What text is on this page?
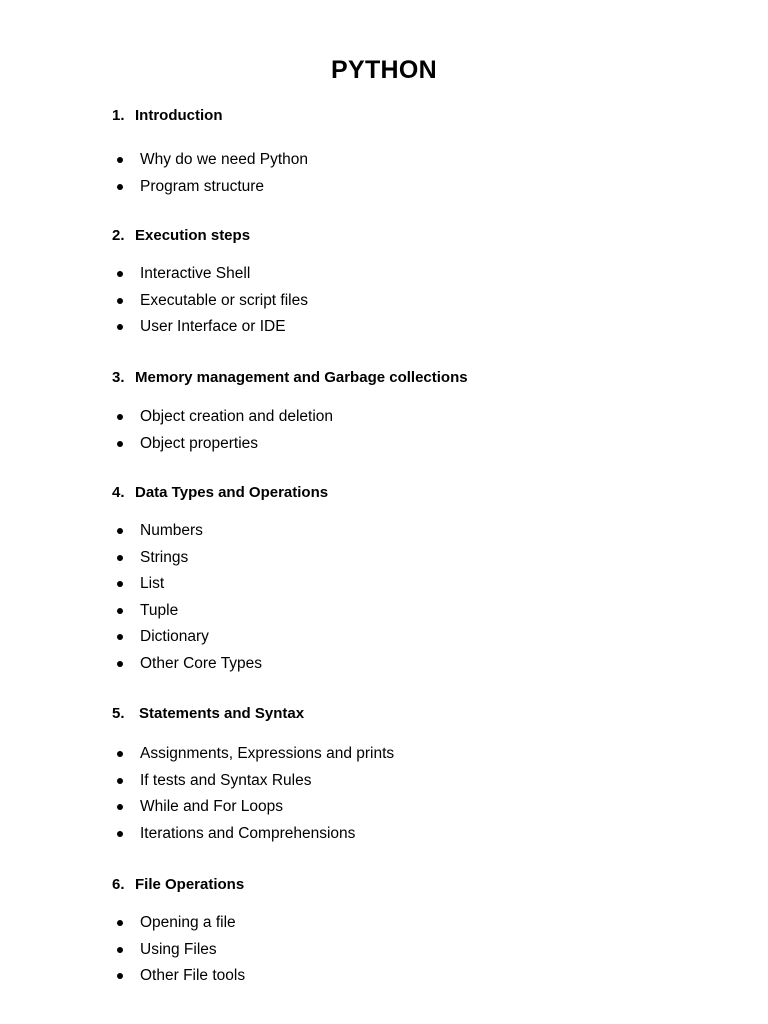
PYTHON
1. Introduction
Why do we need Python
Program structure
2. Execution steps
Interactive Shell
Executable or script files
User Interface or IDE
3. Memory management and Garbage collections
Object creation and deletion
Object properties
4. Data Types and Operations
Numbers
Strings
List
Tuple
Dictionary
Other Core Types
5. Statements and Syntax
Assignments, Expressions and prints
If tests and Syntax Rules
While and For Loops
Iterations and Comprehensions
6. File Operations
Opening a file
Using Files
Other File tools
